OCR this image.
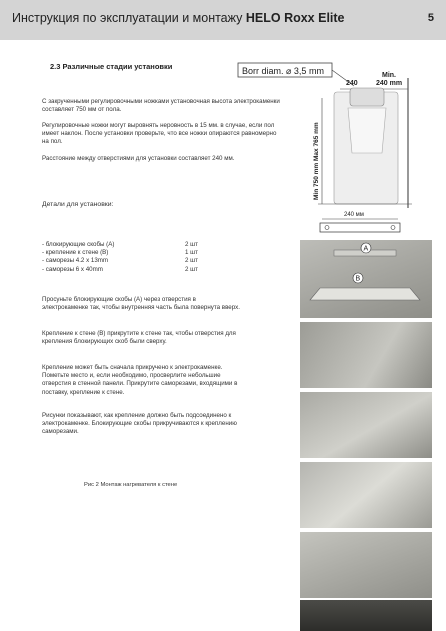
Инструкция по эксплуатации и монтажу HELO Roxx Elite	5
2.3 Различные стадии установки
С закрученными регулировочными ножками установочная высота электрокаменки составляет 750 мм от пола.
Регулировочные ножки могут выровнять неровность в 15 мм. в случае, если пол имеет наклон. После установки проверьте, что все ножки опираются равномерно на пол.
Расстояние между отверстиями для установки составляет 240 мм.
Детали для установки:
- блокирующие скобы (A)	2 шт
- крепление к стене (B)	1 шт
- саморезы 4.2 x 13mm	2 шт
- саморезы 6 x 40mm	2 шт
Просуньте блокирующие скобы (A) через отверстия в электрокаменке так, чтобы внутренняя часть была повернута вверх.
Крепление к стене (B) прикрутите к стене так, чтобы отверстия для крепления блокирующих скоб были сверху.
Крепление может быть сначала прикручено к электрокаменке. Пометьте место и, если необходимо, просверлите небольшие отверстия в стенной панели. Прикрутите саморезами, входящими в поставку, крепление к стене.
Рисунки показывают, как крепление должно быть подсоединено к электрокаменке. Блокирующие скобы прикручиваются к креплению саморезами.
Рис 2 Монтаж нагревателя к стене
Borr diam. ⌀ 3,5 mm
240
Min.
240 mm
Min 750 mm Max 765 mm
240 мм
A
B
